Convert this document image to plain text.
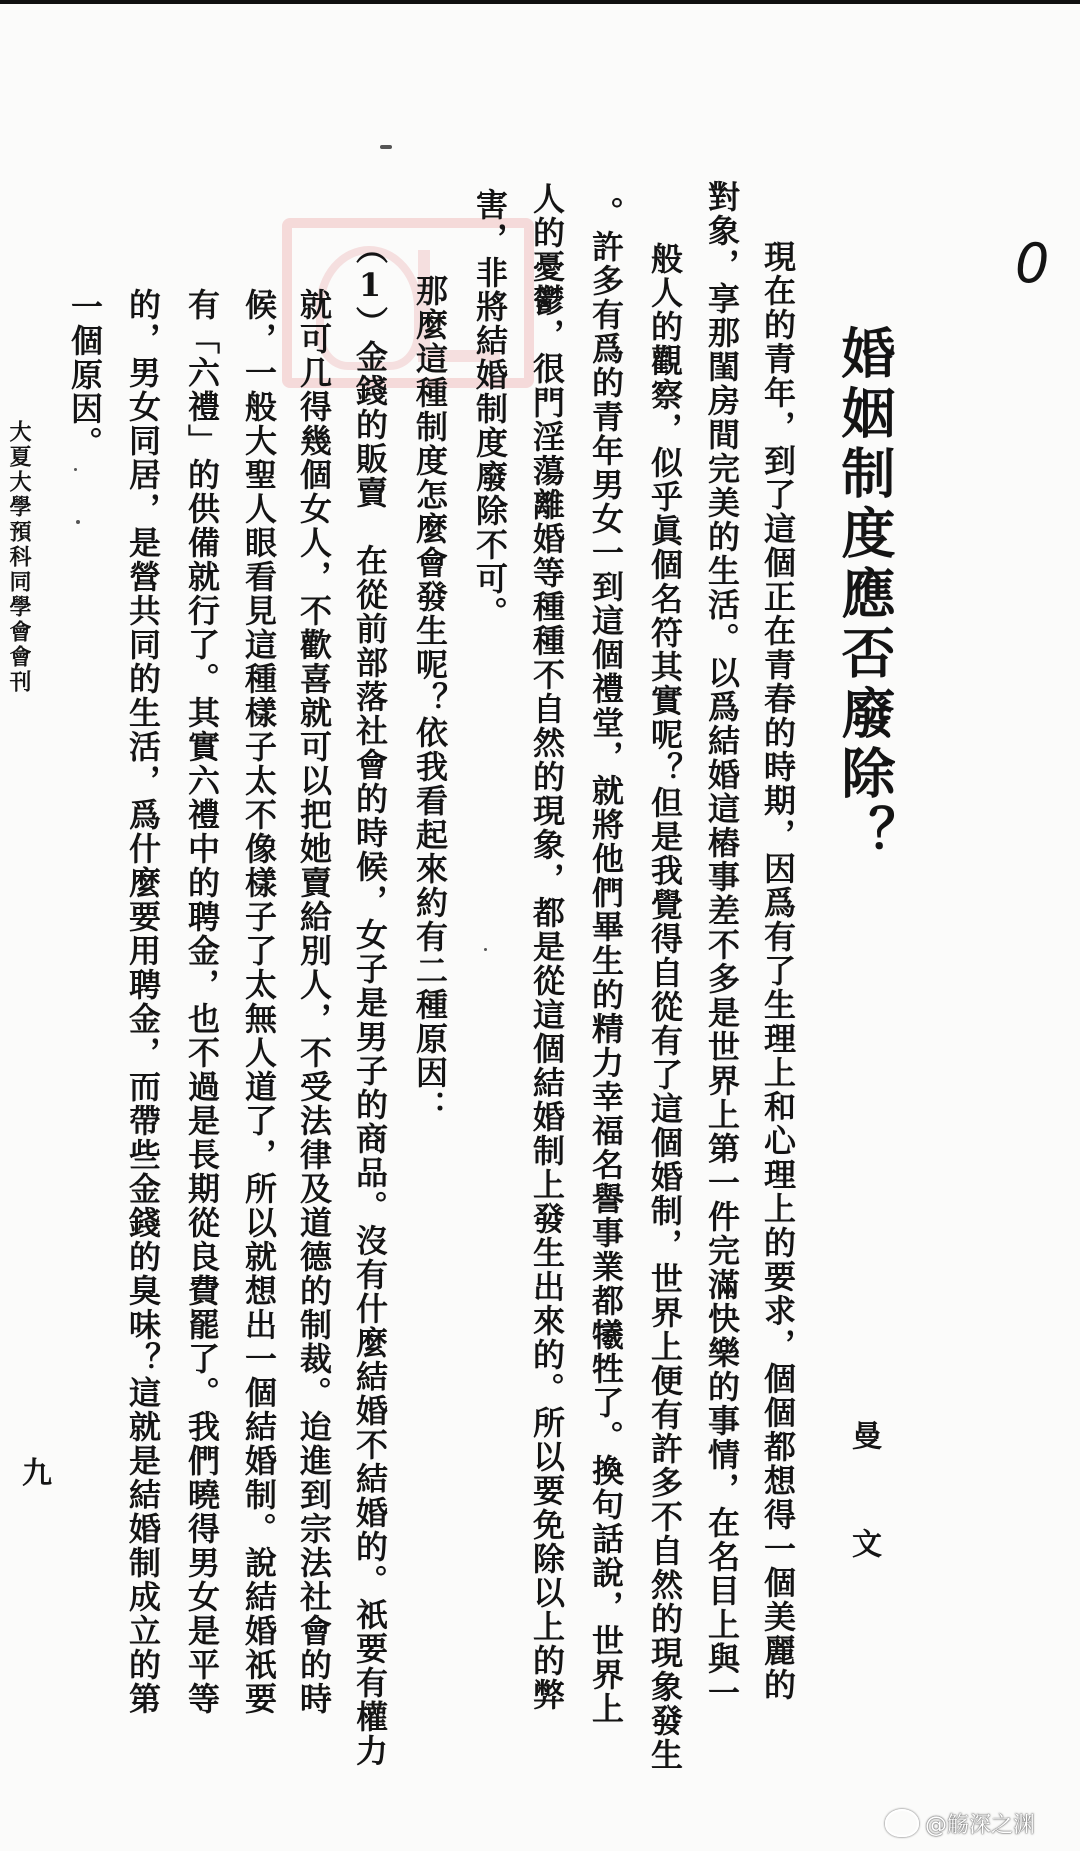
0
婚姻制度應否廢除？
曼　文
現在的青年，到了這個正在青春的時期，因爲有了生理上和心理上的要求，個個都想得一個美麗的
對象，享那閨房間完美的生活。以爲結婚這樁事差不多是世界上第一件完滿快樂的事情，在名目上與一
般人的觀察，似乎眞個名符其實呢？但是我覺得自從有了這個婚制，世界上便有許多不自然的現象發生
。許多有爲的青年男女一到這個禮堂，就將他們畢生的精力幸福名譽事業都犧牲了。換句話說，世界上
人的憂鬱，很門淫蕩離婚等種種不自然的現象，都是從這個結婚制上發生出來的。所以要免除以上的弊
害，非將結婚制度廢除不可。
　那麼這種制度怎麼會發生呢？依我看起來約有二種原因：
（1）金錢的販賣　在從前部落社會的時候，女子是男子的商品。沒有什麼結婚不結婚的。祇要有權力
就可几得幾個女人，不歡喜就可以把她賣給別人，不受法律及道德的制裁。迨進到宗法社會的時
候，一般大聖人眼看見這種樣子太不像樣子了太無人道了，所以就想出一個結婚制。說結婚祇要
有「六禮」的供備就行了。其實六禮中的聘金，也不過是長期從良費罷了。我們曉得男女是平等
的，男女同居，是營共同的生活，爲什麼要用聘金，而帶些金錢的臭味？這就是結婚制成立的第
一個原因。
大夏大學預科同學會會刊
九
@觞深之渊
